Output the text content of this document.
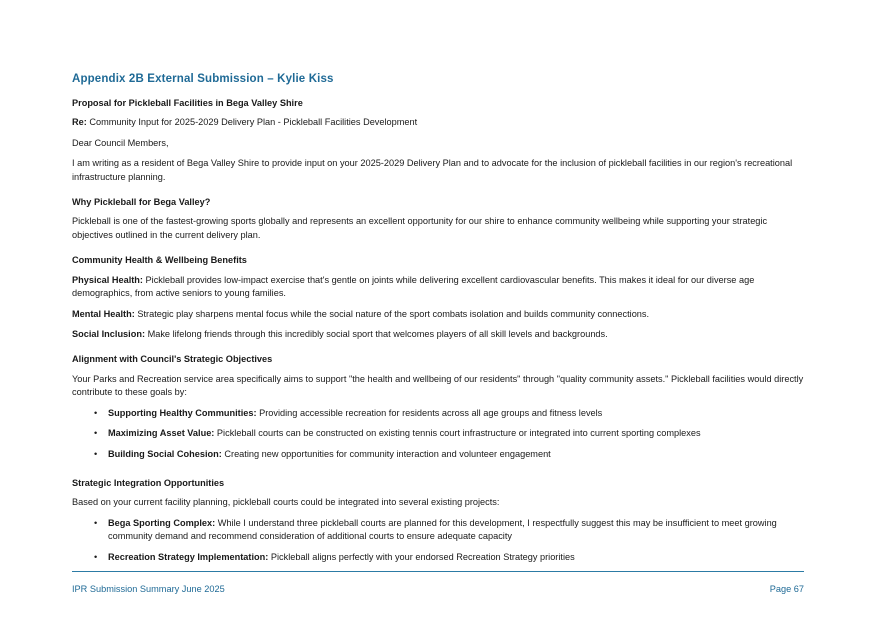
Appendix 2B External Submission – Kylie Kiss
Proposal for Pickleball Facilities in Bega Valley Shire

Re: Community Input for 2025-2029 Delivery Plan - Pickleball Facilities Development

Dear Council Members,

I am writing as a resident of Bega Valley Shire to provide input on your 2025-2029 Delivery Plan and to advocate for the inclusion of pickleball facilities in our region's recreational infrastructure planning.

Why Pickleball for Bega Valley?

Pickleball is one of the fastest-growing sports globally and represents an excellent opportunity for our shire to enhance community wellbeing while supporting your strategic objectives outlined in the current delivery plan.

Community Health & Wellbeing Benefits

Physical Health: Pickleball provides low-impact exercise that's gentle on joints while delivering excellent cardiovascular benefits. This makes it ideal for our diverse age demographics, from active seniors to young families.

Mental Health: Strategic play sharpens mental focus while the social nature of the sport combats isolation and builds community connections.

Social Inclusion: Make lifelong friends through this incredibly social sport that welcomes players of all skill levels and backgrounds.

Alignment with Council's Strategic Objectives

Your Parks and Recreation service area specifically aims to support "the health and wellbeing of our residents" through "quality community assets." Pickleball facilities would directly contribute to these goals by:

• Supporting Healthy Communities: Providing accessible recreation for residents across all age groups and fitness levels
• Maximizing Asset Value: Pickleball courts can be constructed on existing tennis court infrastructure or integrated into current sporting complexes
• Building Social Cohesion: Creating new opportunities for community interaction and volunteer engagement
Strategic Integration Opportunities

Based on your current facility planning, pickleball courts could be integrated into several existing projects:

• Bega Sporting Complex: While I understand three pickleball courts are planned for this development, I respectfully suggest this may be insufficient to meet growing community demand and recommend consideration of additional courts to ensure adequate capacity
• Recreation Strategy Implementation: Pickleball aligns perfectly with your endorsed Recreation Strategy priorities
IPR Submission Summary June 2025	Page 67
